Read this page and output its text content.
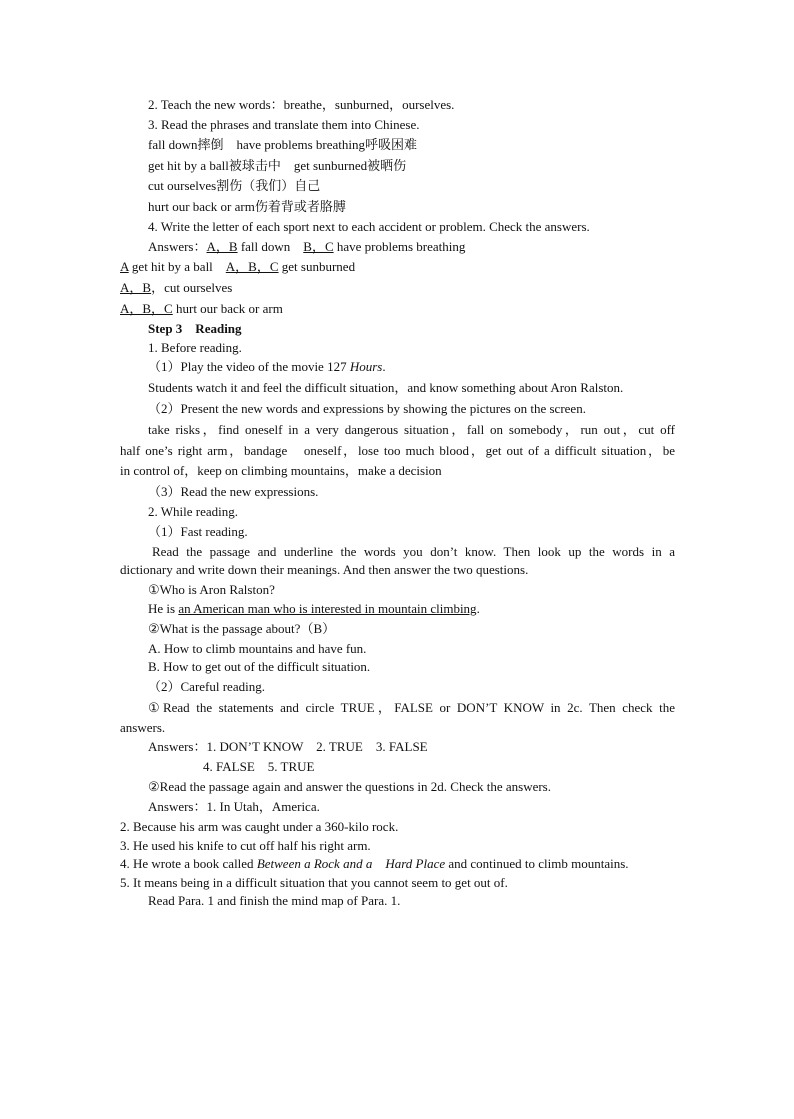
2. Teach the new words：breathe，sunburned，ourselves.
3. Read the phrases and translate them into Chinese.
fall down摔倒　have problems breathing呼吸困难
get hit by a ball被球击中　get sunburned被晒伤
cut ourselves割伤（我们）自己
hurt our back or arm伤着背或者胳膊
4. Write the letter of each sport next to each accident or problem. Check the answers.
Answers：A，B fall down　B，C have problems breathing
A get hit by a ball　A，B，C get sunburned
A，B，cut ourselves
A，B，C hurt our back or arm
Step 3　Reading
1. Before reading.
（1）Play the video of the movie 127 Hours.
Students watch it and feel the difficult situation，and know something about Aron Ralston.
（2）Present the new words and expressions by showing the pictures on the screen.
take risks，find oneself in a very dangerous situation，fall on somebody，run out，cut off
half one’s right arm，bandage　oneself，lose too much blood，get out of a difficult situation，be
in control of，keep on climbing mountains，make a decision
（3）Read the new expressions.
2. While reading.
（1）Fast reading.
Read the passage and underline the words you don’t know. Then look up the words in a
dictionary and write down their meanings. And then answer the two questions.
①Who is Aron Ralston?
He is an American man who is interested in mountain climbing.
②What is the passage about?（B）
A. How to climb mountains and have fun.
B. How to get out of the difficult situation.
（2）Careful reading.
①Read the statements and circle TRUE，FALSE or DON’T KNOW in 2c. Then check the
answers.
Answers：1. DON’T KNOW　2. TRUE　3. FALSE
4. FALSE　5. TRUE
②Read the passage again and answer the questions in 2d. Check the answers.
Answers：1. In Utah，America.
2. Because his arm was caught under a 360-kilo rock.
3. He used his knife to cut off half his right arm.
4. He wrote a book called Between a Rock and a　Hard Place and continued to climb mountains.
5. It means being in a difficult situation that you cannot seem to get out of.
Read Para. 1 and finish the mind map of Para. 1.
